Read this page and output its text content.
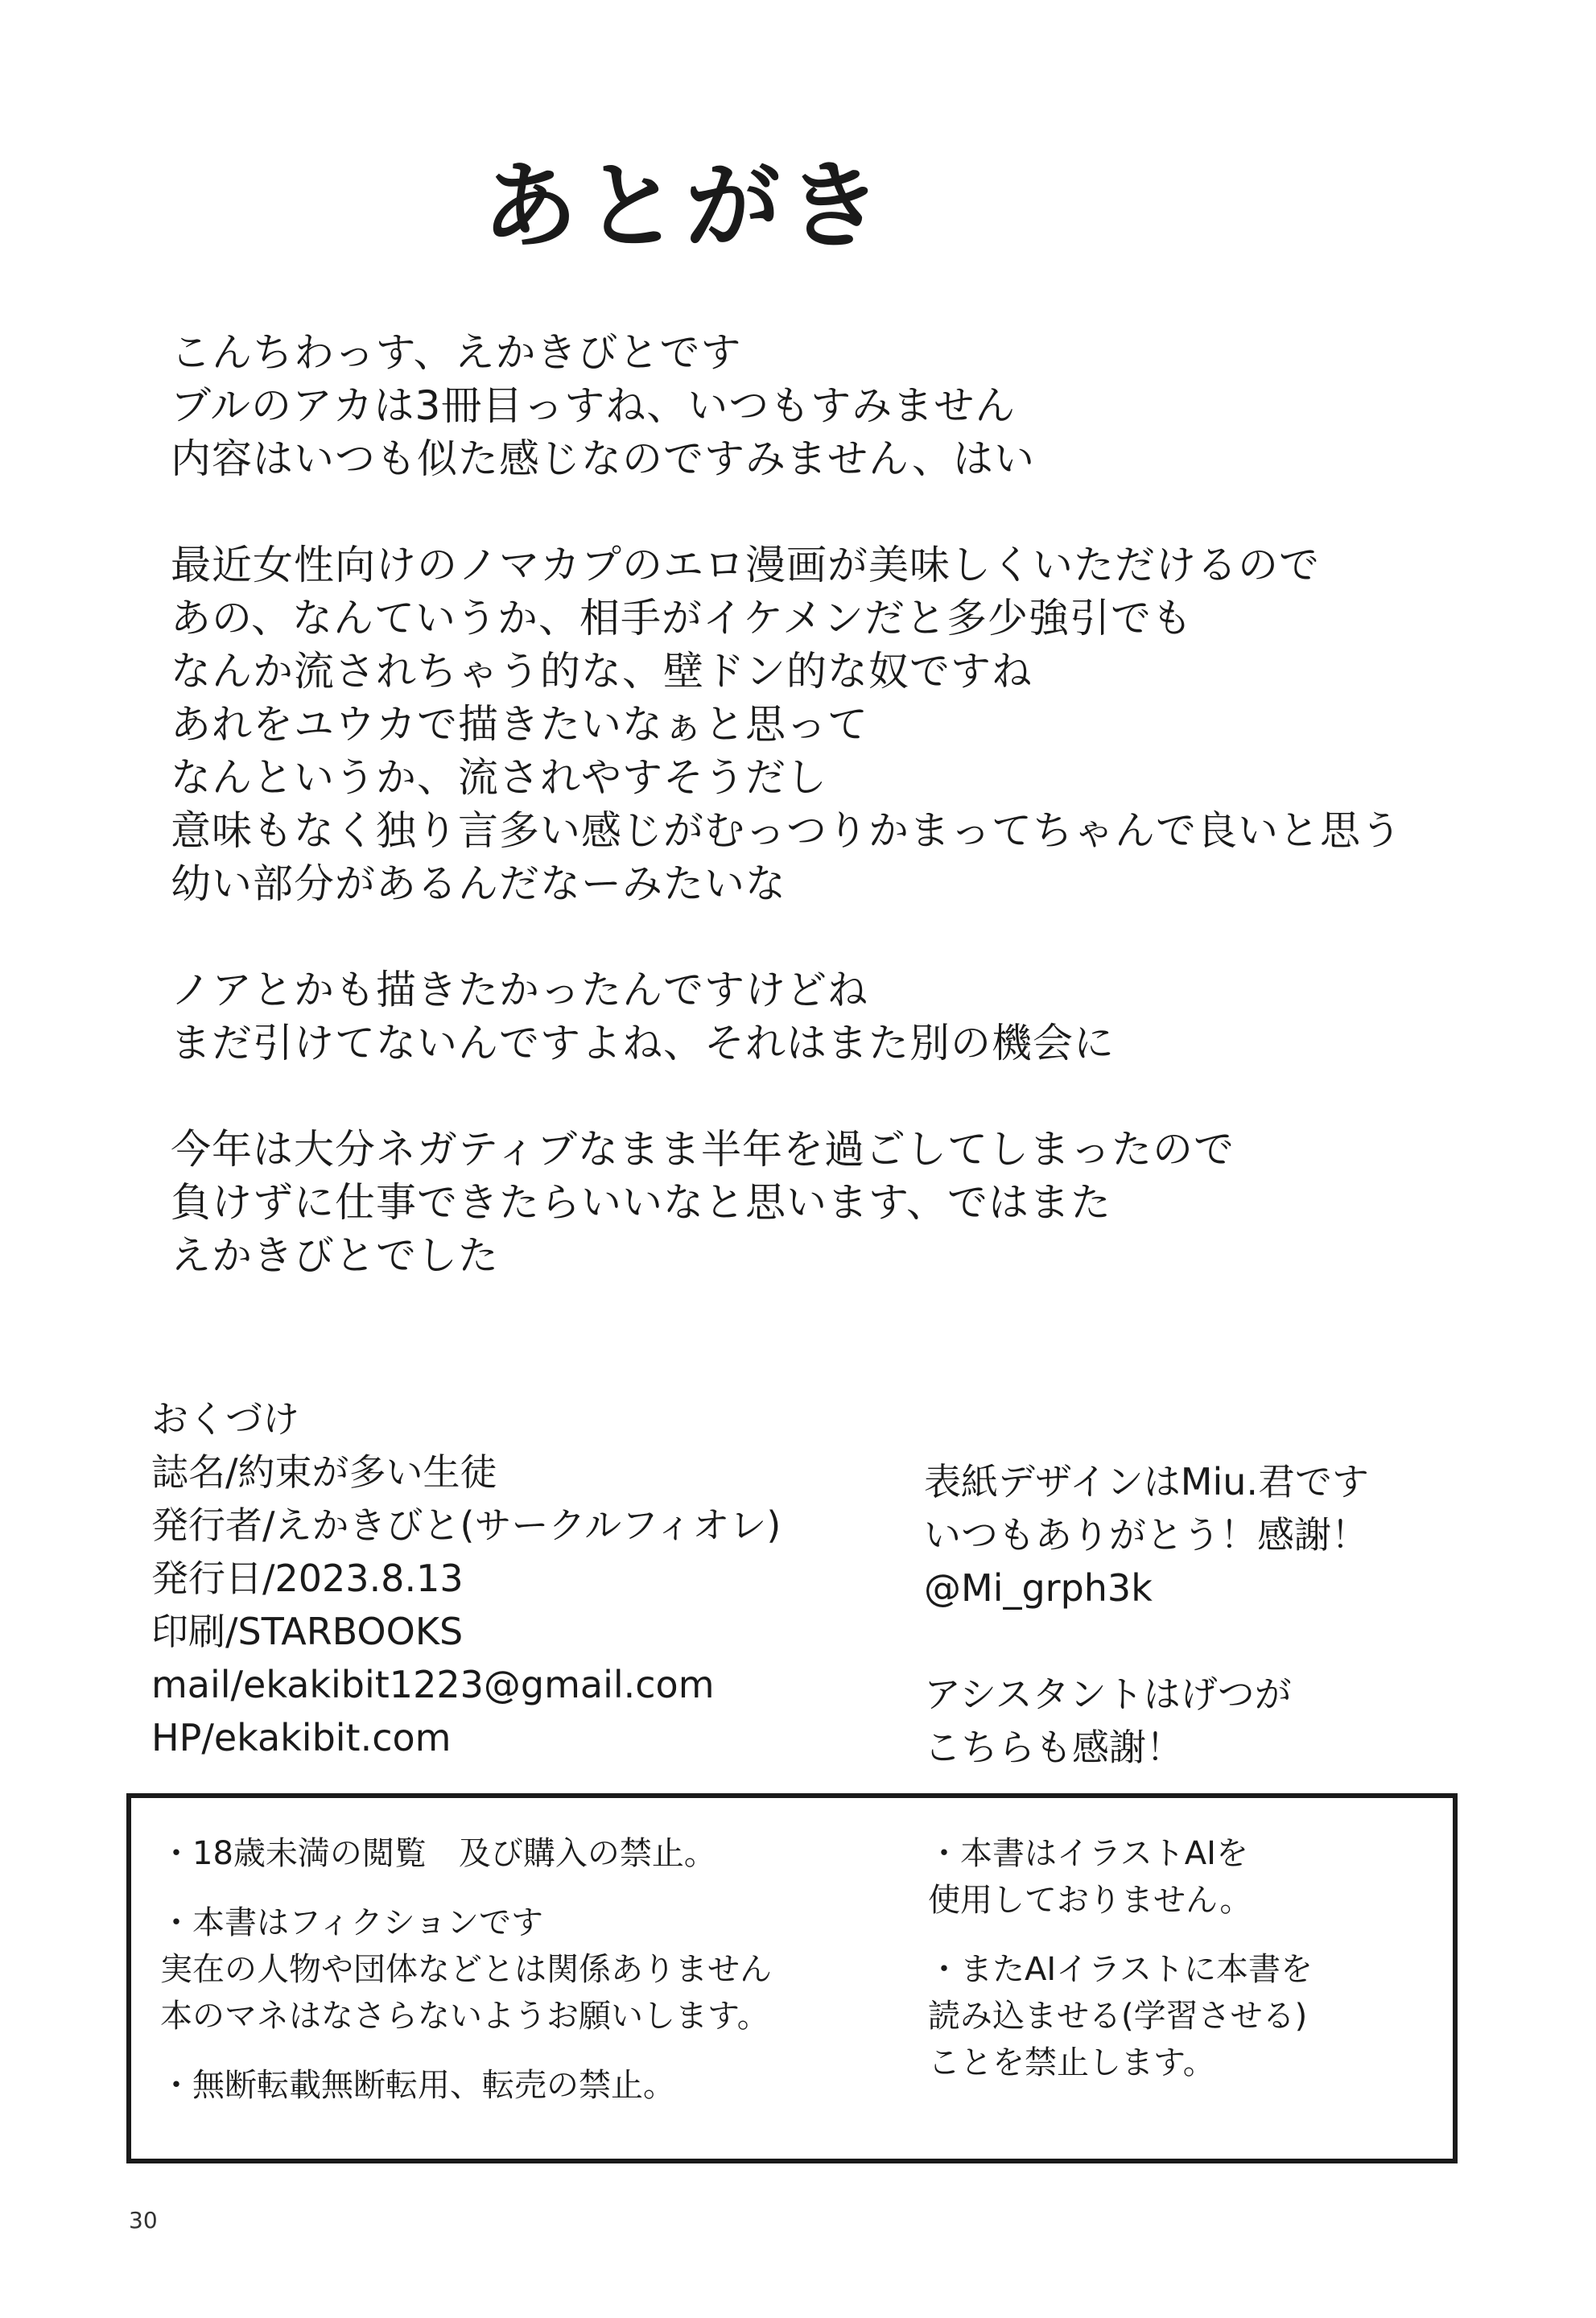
あとがき
こんちわっす、えかきびとです
ブルのアカは3冊目っすね、いつもすみません
内容はいつも似た感じなのですみません、はい
最近女性向けのノマカプのエロ漫画が美味しくいただけるので
あの、なんていうか、相手がイケメンだと多少強引でも
なんか流されちゃう的な、壁ドン的な奴ですね
あれをユウカで描きたいなぁと思って
なんというか、流されやすそうだし
意味もなく独り言多い感じがむっつりかまってちゃんで良いと思う
幼い部分があるんだなーみたいな
ノアとかも描きたかったんですけどね
まだ引けてないんですよね、それはまた別の機会に
今年は大分ネガティブなまま半年を過ごしてしまったので
負けずに仕事できたらいいなと思います、ではまた
えかきびとでした
おくづけ
誌名/約束が多い生徒
発行者/えかきびと(サークルフィオレ)
発行日/2023.8.13
印刷/STARBOOKS
mail/ekakibit1223@gmail.com
HP/ekakibit.com
表紙デザインはMiu.君です
いつもありがとう！感謝！
@Mi_grph3k
アシスタントはげつが
こちらも感謝！
・18歳未満の閲覧　及び購入の禁止。
・本書はフィクションです
実在の人物や団体などとは関係ありません
本のマネはなさらないようお願いします。
・無断転載無断転用、転売の禁止。
・本書はイラストAIを
使用しておりません。
・またAIイラストに本書を
読み込ませる(学習させる)
ことを禁止します。
30
